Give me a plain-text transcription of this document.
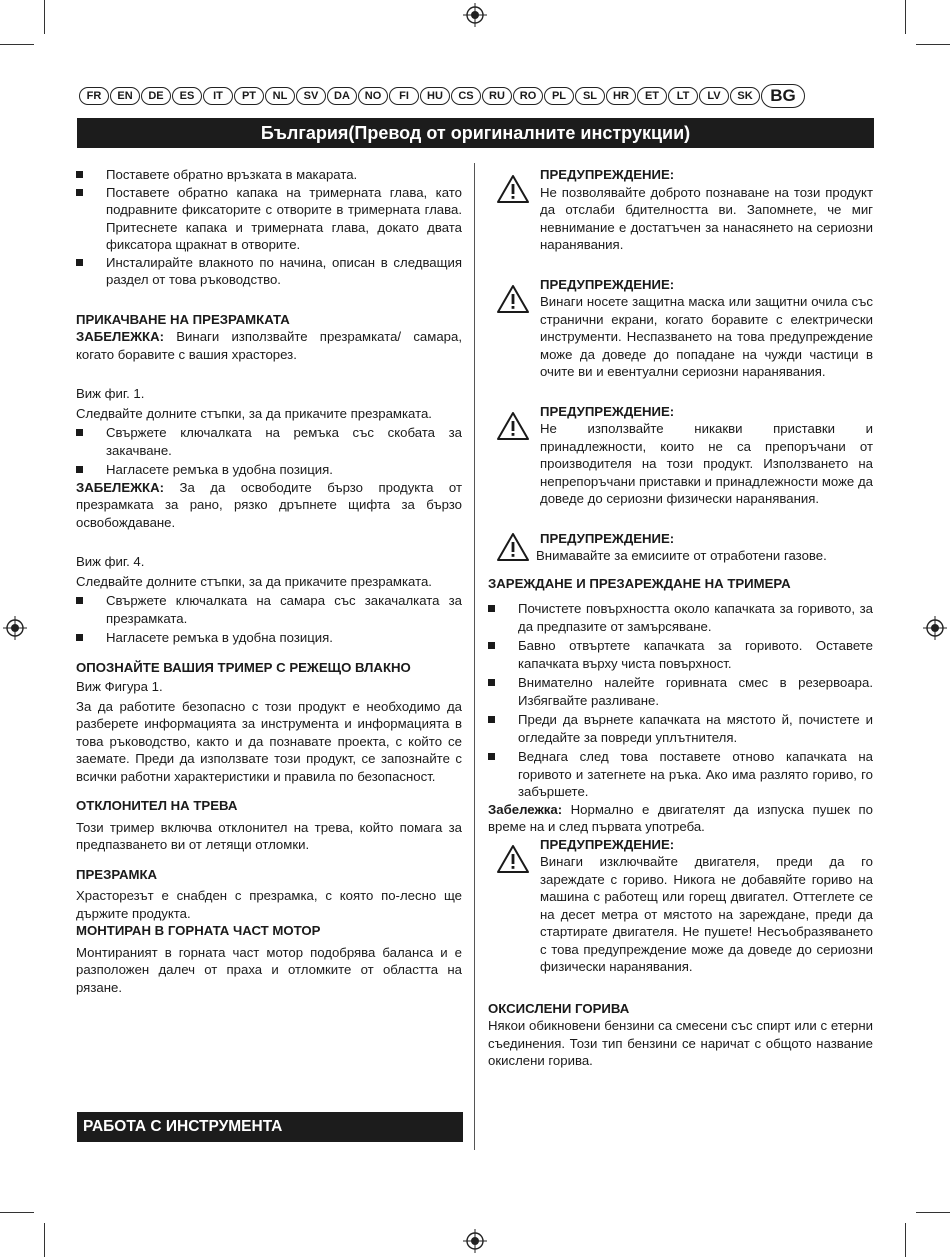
FR	EN	DE	ES	IT	PT	NL	SV	DA	NO	FI	HU	CS	RU	RO	PL	SL	HR	ET	LT	LV	SK	BG
България(Превод от оригиналните инструкции)

Поставете обратно връзката в макарата.

Поставете обратно капака на тримерната глава, като подравните фиксаторите с отворите в тримерната глава. Притеснете капака и тримерната глава, докато двата фиксатора щракнат в отворите.

Инсталирайте влакното по начина, описан в следващия раздел от това ръководство.

ПРИКАЧВАНЕ НА ПРЕЗРАМКАТА

ЗАБЕЛЕЖКА: Винаги използвайте презрамката/ самара, когато боравите с вашия храсторез.

Виж фиг. 1.

Следвайте долните стъпки, за да прикачите презрамката.

Свържете ключалката на ремъка със скобата за закачване.

Нагласете ремъка в удобна позиция.

ЗАБЕЛЕЖКА: За да освободите бързо продукта от презрамката за рано, рязко дръпнете щифта за бързо освобождаване.

Виж фиг. 4.

Следвайте долните стъпки, за да прикачите презрамката.

Свържете ключалката на самара със закачалката за презрамката.

Нагласете ремъка в удобна позиция.

ОПОЗНАЙТЕ ВАШИЯ ТРИМЕР С РЕЖЕЩО ВЛАКНО

Виж Фигура 1.

За да работите безопасно с този продукт е необходимо да разберете информацията за инструмента и информацията в това ръководство, както и да познавате проекта, с който се заемате. Преди да използвате този продукт, се запознайте с всички работни характеристики и правила по безопасност.

ОТКЛОНИТЕЛ НА ТРЕВА

Този тример включва отклонител на трева, който помага за предпазването ви от летящи отломки.

ПРЕЗРАМКА

Храсторезът е снабден с презрамка, с която по-лесно ще държите продукта.

МОНТИРАН В ГОРНАТА ЧАСТ МОТОР

Монтираният в горната част мотор подобрява баланса и е разположен далеч от праха и отломките от областта на рязане.

РАБОТА С ИНСТРУМЕНТА

ПРЕДУПРЕЖДЕНИЕ:

Не позволявайте доброто познаване на този продукт да отслаби бдителността ви. Запомнете, че миг невнимание е достатъчен за нанасянето на сериозни наранявания.

ПРЕДУПРЕЖДЕНИЕ:

Винаги носете защитна маска или защитни очила със странични екрани, когато боравите с електрически инструменти. Неспазването на това предупреждение може да доведе до попадане на чужди частици в очите ви и евентуални сериозни наранявания.

ПРЕДУПРЕЖДЕНИЕ:

Не използвайте никакви приставки и принадлежности, които не са препоръчани от производителя на този продукт. Използването на непрепоръчани приставки и принадлежности може да доведе до сериозни физически наранявания.

ПРЕДУПРЕЖДЕНИЕ:

Внимавайте за емисиите от отработени газове.

ЗАРЕЖДАНЕ И ПРЕЗАРЕЖДАНЕ НА ТРИМЕРА

Почистете повърхността около капачката за горивото, за да предпазите от замърсяване.

Бавно отвъртете капачката за горивото. Оставете капачката върху чиста повърхност.

Внимателно налейте горивната смес в резервоара. Избягвайте разливане.

Преди да върнете капачката на мястото й, почистете и огледайте за повреди уплътнителя.

Веднага след това поставете отново капачката на горивото и затегнете на ръка. Ако има разлято гориво, го забършете.

Забележка: Нормално е двигателят да изпуска пушек по време на и след първата употреба.

ПРЕДУПРЕЖДЕНИЕ:

Винаги изключвайте двигателя, преди да го зареждате с гориво. Никога не добавяйте гориво на машина с работещ или горещ двигател. Оттеглете се на десет метра от мястото на зареждане, преди да стартирате двигателя. Не пушете! Несъобразяването с това предупреждение може да доведе до сериозни физически наранявания.

ОКСИСЛЕНИ ГОРИВА

Някои обикновени бензини са смесени със спирт или с етерни съединения. Този тип бензини се наричат с общото название окислени горива.
